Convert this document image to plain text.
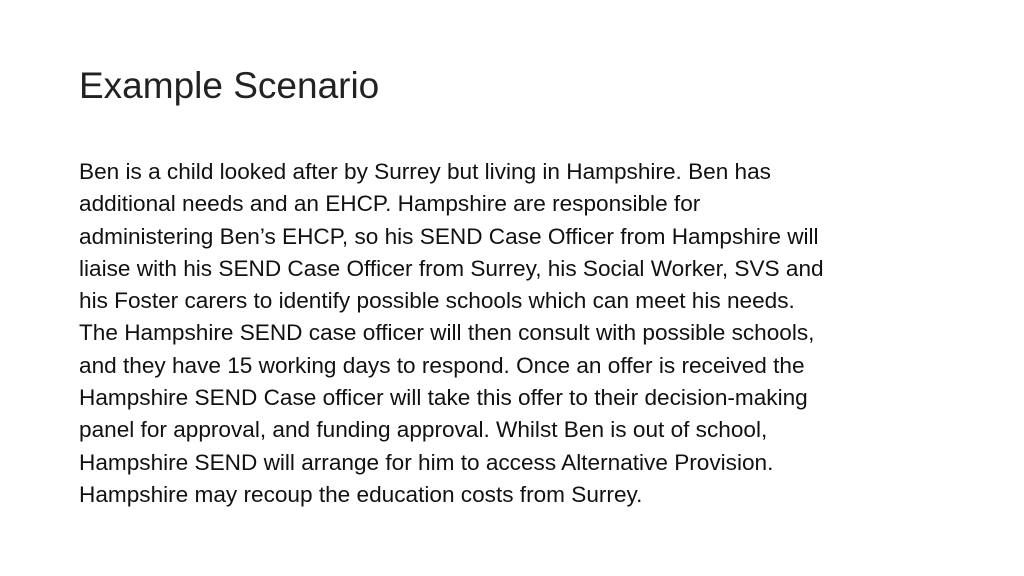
Example Scenario

Ben is a child looked after by Surrey but living in Hampshire. Ben has
additional needs and an EHCP. Hampshire are responsible for
administering Ben’s EHCP, so his SEND Case Officer from Hampshire will
liaise with his SEND Case Officer from Surrey, his Social Worker, SVS and
his Foster carers to identify possible schools which can meet his needs.
The Hampshire SEND case officer will then consult with possible schools,
and they have 15 working days to respond. Once an offer is received the
Hampshire SEND Case officer will take this offer to their decision-making
panel for approval, and funding approval. Whilst Ben is out of school,
Hampshire SEND will arrange for him to access Alternative Provision.
Hampshire may recoup the education costs from Surrey.
